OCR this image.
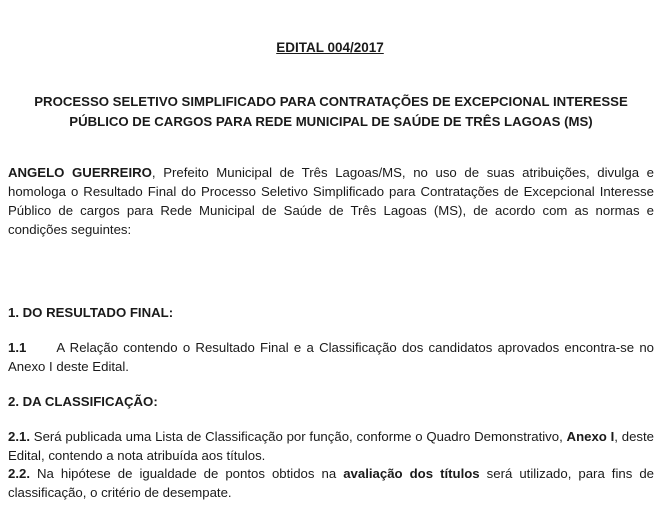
EDITAL 004/2017
PROCESSO SELETIVO SIMPLIFICADO PARA CONTRATAÇÕES DE EXCEPCIONAL INTERESSE PÚBLICO DE CARGOS PARA REDE MUNICIPAL DE SAÚDE DE TRÊS LAGOAS (MS)
ANGELO GUERREIRO, Prefeito Municipal de Três Lagoas/MS, no uso de suas atribuições, divulga e homologa o Resultado Final do Processo Seletivo Simplificado para Contratações de Excepcional Interesse Público de cargos para Rede Municipal de Saúde de Três Lagoas (MS), de acordo com as normas e condições seguintes:
1. DO RESULTADO FINAL:
1.1 A Relação contendo o Resultado Final e a Classificação dos candidatos aprovados encontra-se no Anexo I deste Edital.
2. DA CLASSIFICAÇÃO:
2.1. Será publicada uma Lista de Classificação por função, conforme o Quadro Demonstrativo, Anexo I, deste Edital, contendo a nota atribuída aos títulos.
2.2. Na hipótese de igualdade de pontos obtidos na avaliação dos títulos será utilizado, para fins de classificação, o critério de desempate.
